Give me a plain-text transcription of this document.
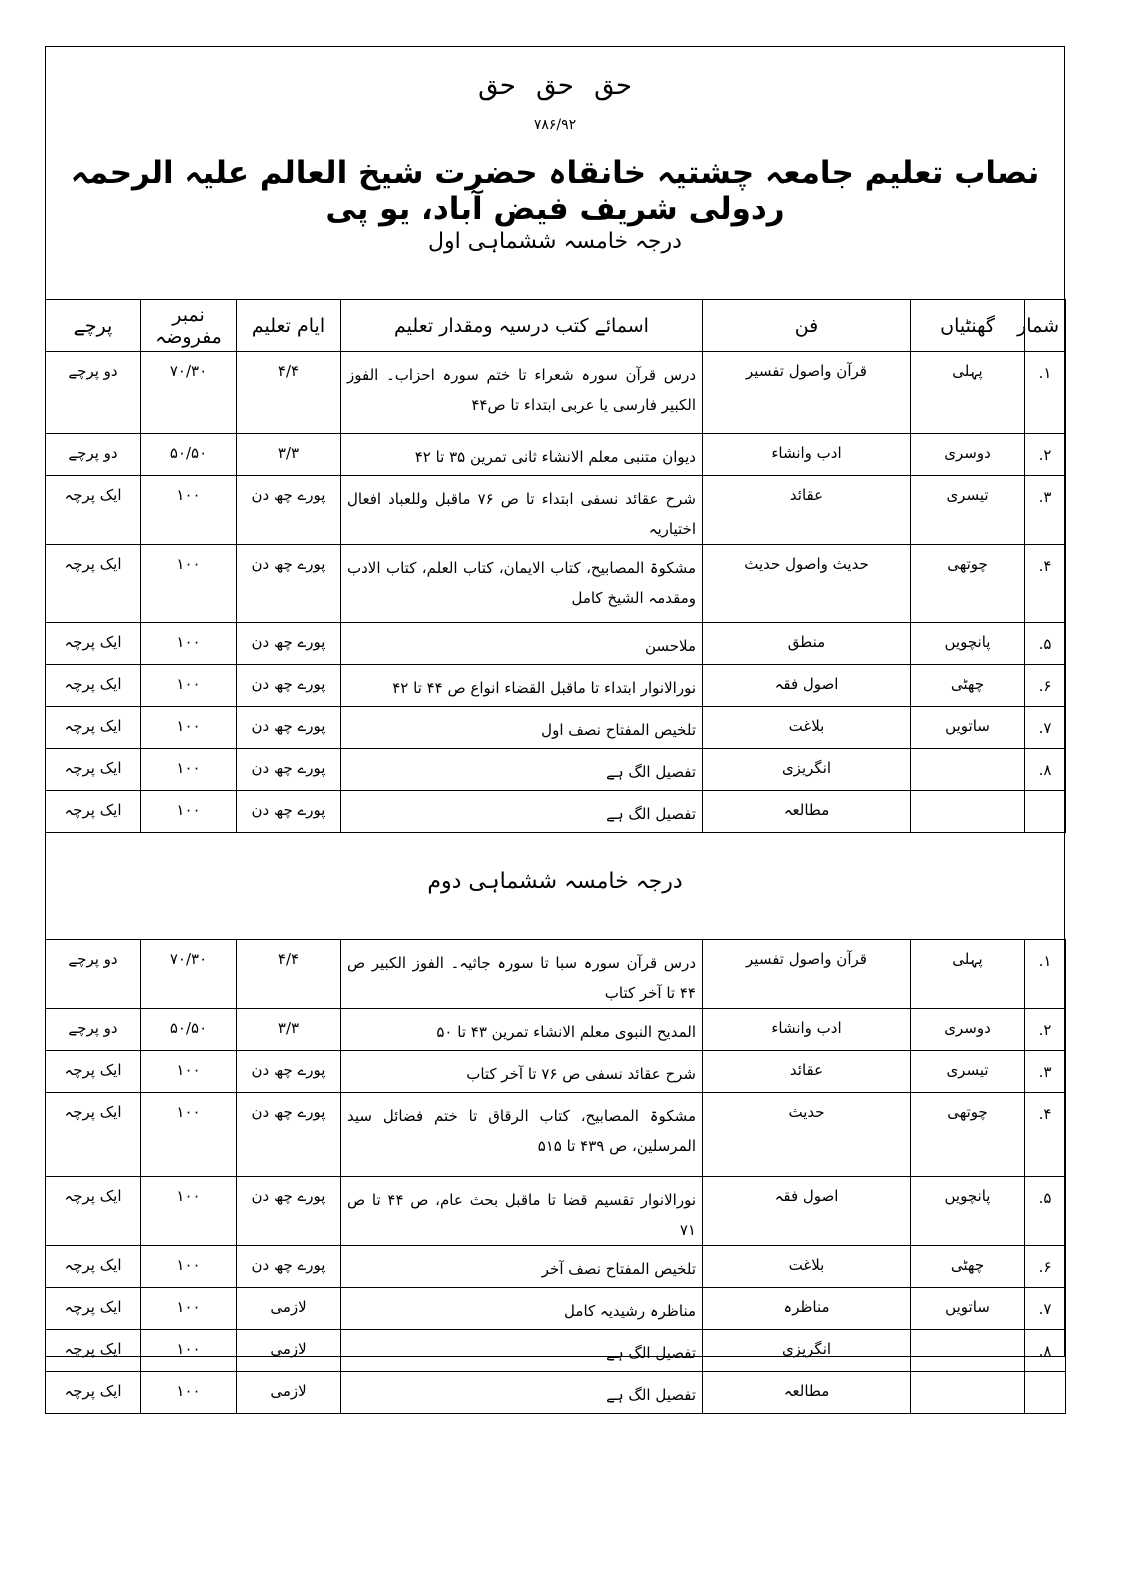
حق حق حق
۷۸۶/۹۲
نصاب تعلیم جامعہ چشتیہ خانقاہ حضرت شیخ العالم علیہ الرحمہ ردولی شریف فیض آباد، یو پی
درجہ خامسہ ششماہی اول
شمار	گھنٹیاں	فن	اسمائے کتب درسیہ ومقدار تعلیم	ایام تعلیم	نمبر مفروضہ	پرچے
۱.	پہلی	قرآن واصول تفسیر	درس قرآن سورہ شعراء تا ختم سورہ احزاب۔ الفوز الکبیر فارسی یا عربی ابتداء تا ص۴۴	۴/۴	۷۰/۳۰	دو پرچے
۲.	دوسری	ادب وانشاء	دیوان متنبی معلم الانشاء ثانی تمرین ۳۵ تا ۴۲	۳/۳	۵۰/۵۰	دو پرچے
۳.	تیسری	عقائد	شرح عقائد نسفی ابتداء تا ص ۷۶ ماقبل وللعباد افعال اختیاریہ	پورے چھ دن	۱۰۰	ایک پرچہ
۴.	چوتھی	حدیث واصول حدیث	مشکوۃ المصابیح، کتاب الایمان، کتاب العلم، کتاب الادب ومقدمہ الشیخ کامل	پورے چھ دن	۱۰۰	ایک پرچہ
۵.	پانچویں	منطق	ملاحسن	پورے چھ دن	۱۰۰	ایک پرچہ
۶.	چھٹی	اصول فقہ	نورالانوار ابتداء تا ماقبل القضاء انواع ص ۴۴ تا ۴۲	پورے چھ دن	۱۰۰	ایک پرچہ
۷.	ساتویں	بلاغت	تلخیص المفتاح نصف اول	پورے چھ دن	۱۰۰	ایک پرچہ
۸.		انگریزی	تفصیل الگ ہے	پورے چھ دن	۱۰۰	ایک پرچہ
		مطالعہ	تفصیل الگ ہے	پورے چھ دن	۱۰۰	ایک پرچہ
درجہ خامسہ ششماہی دوم
۱.	پہلی	قرآن واصول تفسیر	درس قرآن سورہ سبا تا سورہ جاثیہ۔ الفوز الکبیر ص ۴۴ تا آخر کتاب	۴/۴	۷۰/۳۰	دو پرچے
۲.	دوسری	ادب وانشاء	المدیح النبوی معلم الانشاء تمرین ۴۳ تا ۵۰	۳/۳	۵۰/۵۰	دو پرچے
۳.	تیسری	عقائد	شرح عقائد نسفی ص ۷۶ تا آخر کتاب	پورے چھ دن	۱۰۰	ایک پرچہ
۴.	چوتھی	حدیث	مشکوۃ المصابیح، کتاب الرقاق تا ختم فضائل سید المرسلین، ص ۴۳۹ تا ۵۱۵	پورے چھ دن	۱۰۰	ایک پرچہ
۵.	پانچویں	اصول فقہ	نورالانوار تقسیم قضا تا ماقبل بحث عام، ص ۴۴ تا ص ۷۱	پورے چھ دن	۱۰۰	ایک پرچہ
۶.	چھٹی	بلاغت	تلخیص المفتاح نصف آخر	پورے چھ دن	۱۰۰	ایک پرچہ
۷.	ساتویں	مناظرہ	مناظرہ رشیدیہ کامل	لازمی	۱۰۰	ایک پرچہ
۸.		انگریزی	تفصیل الگ ہے	لازمی	۱۰۰	ایک پرچہ
		مطالعہ	تفصیل الگ ہے	لازمی	۱۰۰	ایک پرچہ
